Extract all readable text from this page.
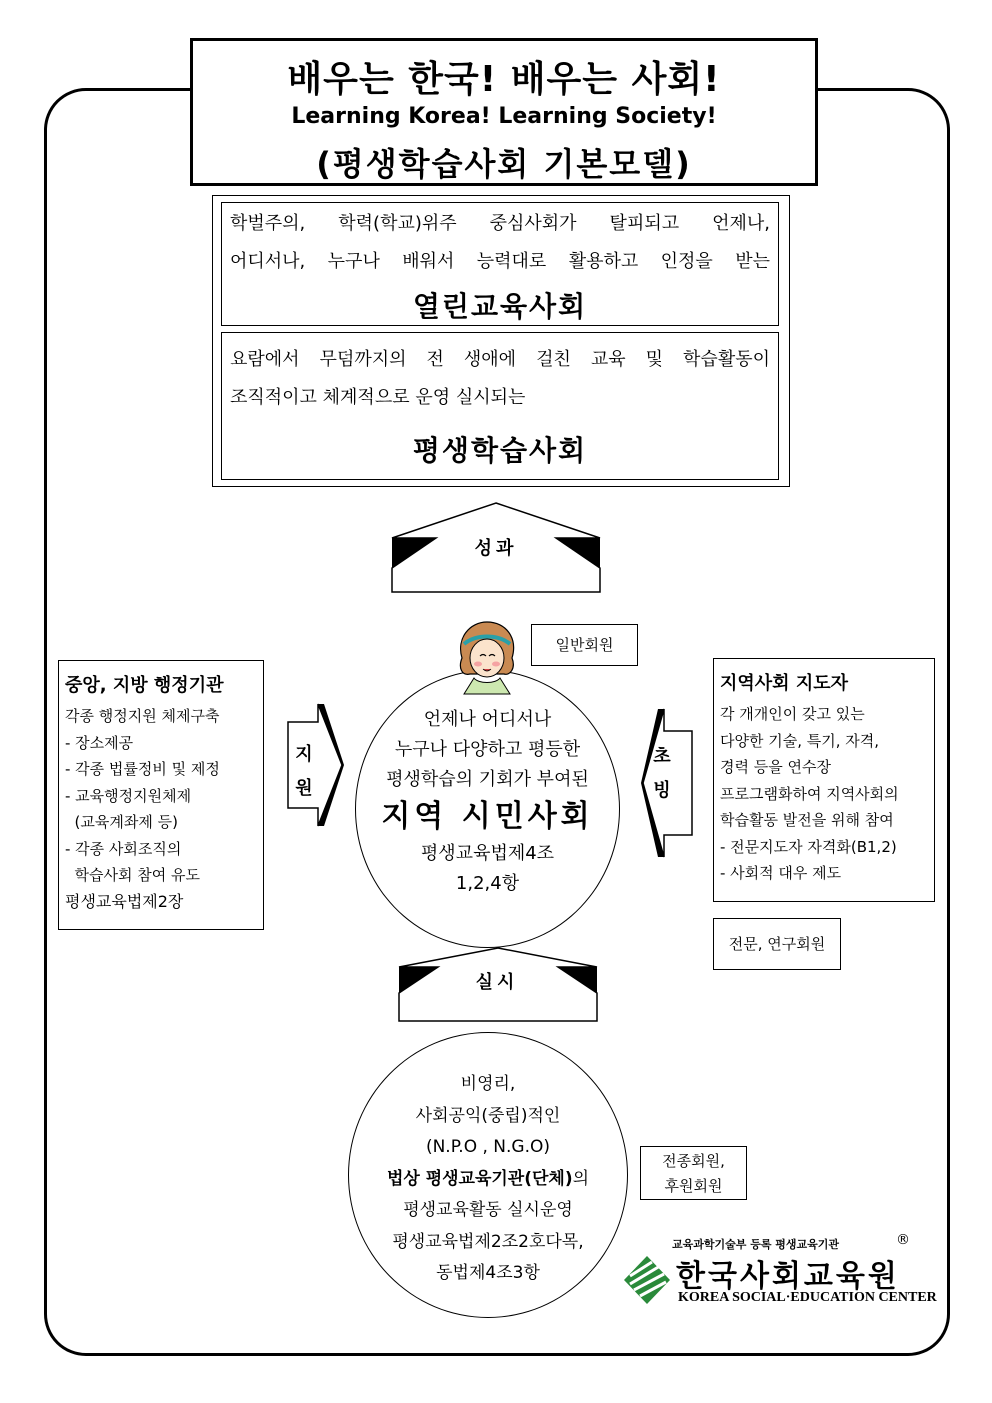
배우는 한국! 배우는 사회!
Learning Korea! Learning Society!
(평생학습사회 기본모델)
학벌주의, 학력(학교)위주 중심사회가 탈피되고 언제나,
어디서나, 누구나 배워서 능력대로 활용하고 인정을 받는
열린교육사회
요람에서 무덤까지의 전 생애에 걸친 교육 및 학습활동이
조직적이고 체계적으로 운영 실시되는
평생학습사회
성과
실시
지
원
초
빙
중앙, 지방 행정기관
각종 행정지원 체제구축
- 장소제공
- 각종 법률정비 및 제정
- 교육행정지원체제
(교육계좌제 등)
- 각종 사회조직의
학습사회 참여 유도
평생교육법제2장
지역사회 지도자
각 개개인이 갖고 있는
다양한 기술, 특기, 자격,
경력 등을 연수장
프로그램화하여 지역사회의
학습활동 발전을 위해 참여
- 전문지도자 자격화(B1,2)
- 사회적 대우 제도
일반회원
전문, 연구회원
전종회원,
후원회원
언제나 어디서나
누구나 다양하고 평등한
평생학습의 기회가 부여된
지역 시민사회
평생교육법제4조
1,2,4항
비영리,
사회공익(중립)적인
(N.P.O , N.G.O)
법상 평생교육기관(단체)의
평생교육활동 실시운영
평생교육법제2조2호다목,
동법제4조3항
교육과학기술부 등록 평생교육기관	®
한국사회교육원
KOREA SOCIAL·EDUCATION CENTER
